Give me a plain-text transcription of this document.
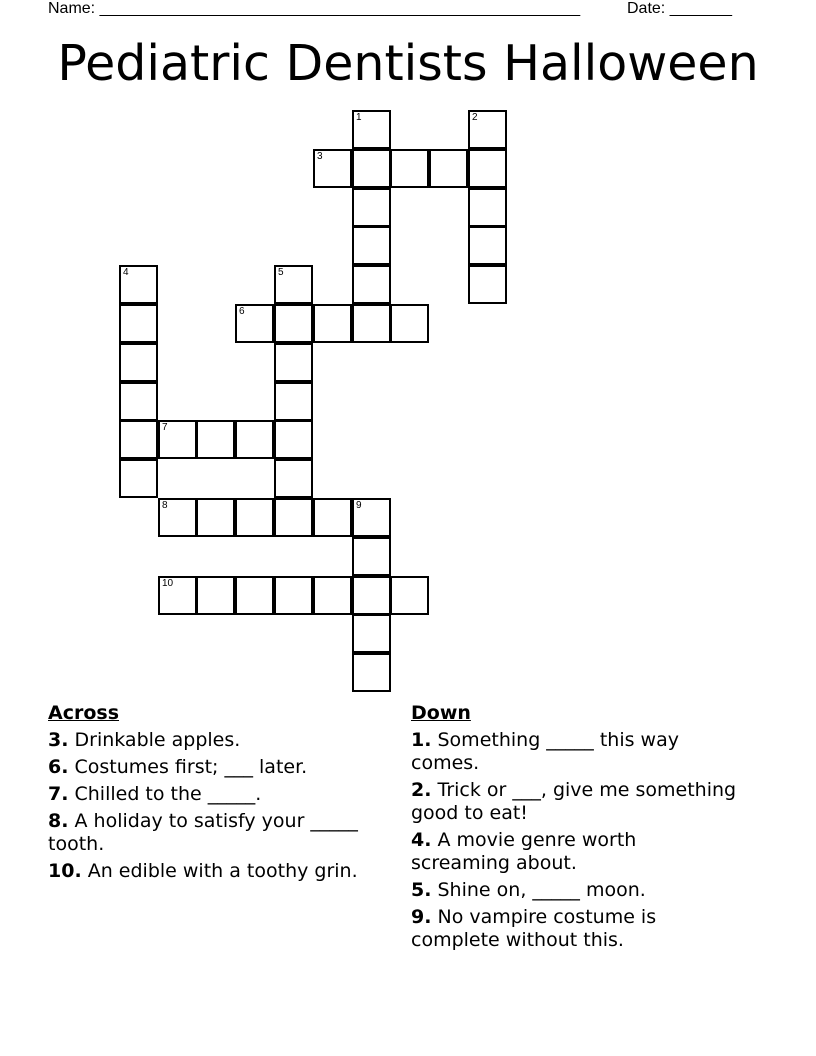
Name: ______________________________________________________	Date: _______
Pediatric Dentists Halloween
1	2
3
4	5
6
7
8	9
10
Across
3. Drinkable apples.
6. Costumes first; ___ later.
7. Chilled to the _____.
8. A holiday to satisfy your _____ tooth.
10. An edible with a toothy grin.
Down
1. Something _____ this way comes.
2. Trick or ___, give me something good to eat!
4. A movie genre worth screaming about.
5. Shine on, _____ moon.
9. No vampire costume is complete without this.
